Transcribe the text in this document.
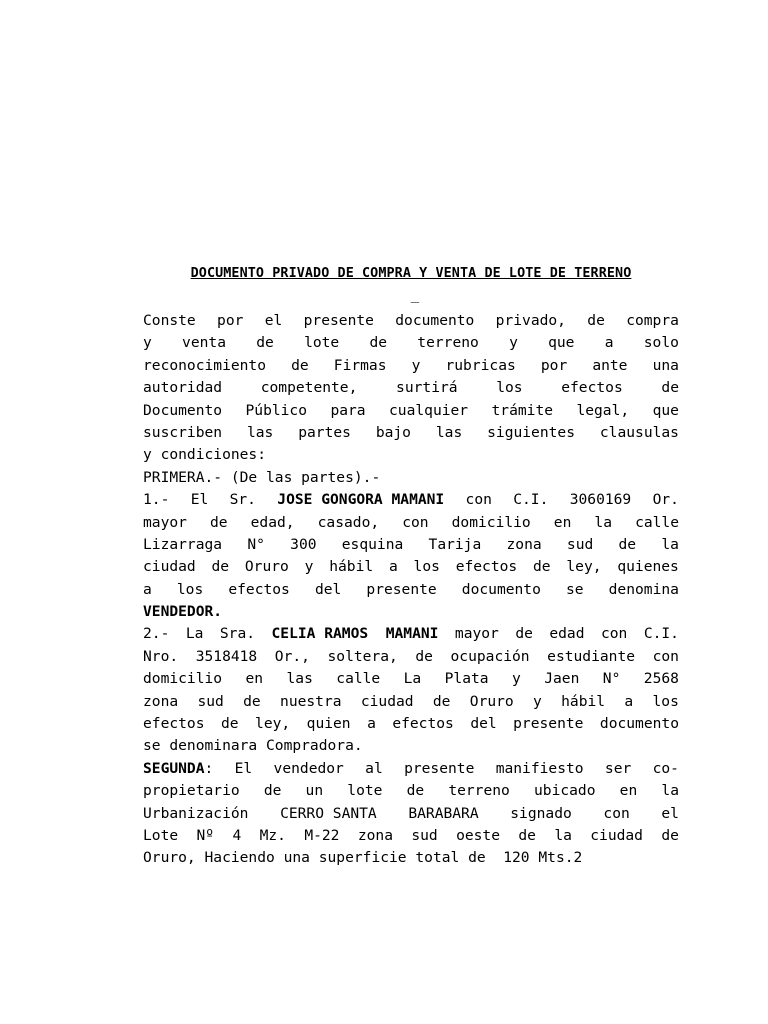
DOCUMENTO PRIVADO DE COMPRA Y VENTA DE LOTE DE TERRENO
_
Conste por el presente documento privado, de compra
y venta de lote de terreno y que a solo
reconocimiento de Firmas y rubricas por ante una
autoridad	competente,	surtirá	los	efectos	de
Documento Público para cualquier trámite legal, que
suscriben las partes bajo las siguientes clausulas
y condiciones:
PRIMERA.- (De las partes).-
1.- El Sr. JOSE GONGORA MAMANI con C.I. 3060169 Or.
mayor de edad, casado, con domicilio en la calle
Lizarraga N° 300 esquina Tarija zona sud de la
ciudad de Oruro y hábil a los efectos de ley, quienes
a los efectos del presente documento se denomina
VENDEDOR .
2.- La Sra. CELIA RAMOS  MAMANI mayor de edad con C.I.
Nro. 3518418 Or., soltera, de ocupación estudiante con
domicilio en las calle La Plata y Jaen N° 2568
zona sud de nuestra ciudad de Oruro y hábil a los
efectos de ley, quien a efectos del presente documento
se denominara Compradora.
SEGUNDA: El vendedor al presente manifiesto ser co-
propietario de un lote de terreno ubicado en la
Urbanización CERRO SANTA BARABARA signado con el
Lote Nº 4 Mz. M-22 zona sud oeste de la ciudad de
Oruro, Haciendo una superficie total de  120 Mts.2
